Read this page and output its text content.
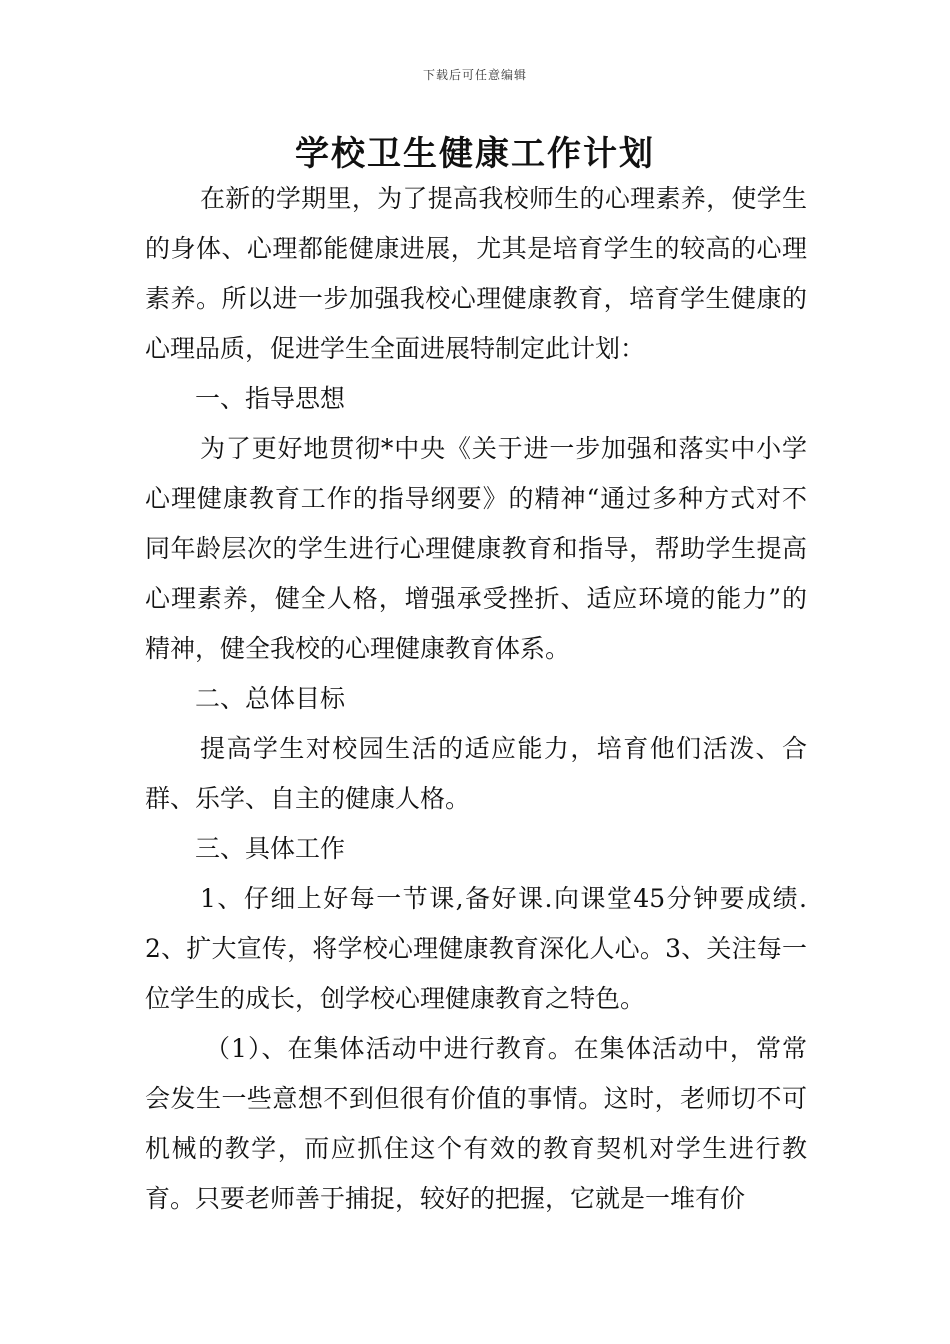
下载后可任意编辑
学校卫生健康工作计划

在新的学期里，为了提高我校师生的心理素养，使学生的身体、心理都能健康进展，尤其是培育学生的较高的心理素养。所以进一步加强我校心理健康教育，培育学生健康的心理品质，促进学生全面进展特制定此计划：

一、指导思想

为了更好地贯彻*中央《关于进一步加强和落实中小学心理健康教育工作的指导纲要》的精神“通过多种方式对不同年龄层次的学生进行心理健康教育和指导，帮助学生提高心理素养，健全人格，增强承受挫折、适应环境的能力”的精神，健全我校的心理健康教育体系。

二、总体目标

提高学生对校园生活的适应能力，培育他们活泼、合群、乐学、自主的健康人格。

三、具体工作

1、仔细上好每一节课,备好课.向课堂45分钟要成绩.2、扩大宣传，将学校心理健康教育深化人心。3、关注每一位学生的成长，创学校心理健康教育之特色。

（1）、在集体活动中进行教育。在集体活动中，常常会发生一些意想不到但很有价值的事情。这时，老师切不可机械的教学，而应抓住这个有效的教育契机对学生进行教育。只要老师善于捕捉，较好的把握，它就是一堆有价
